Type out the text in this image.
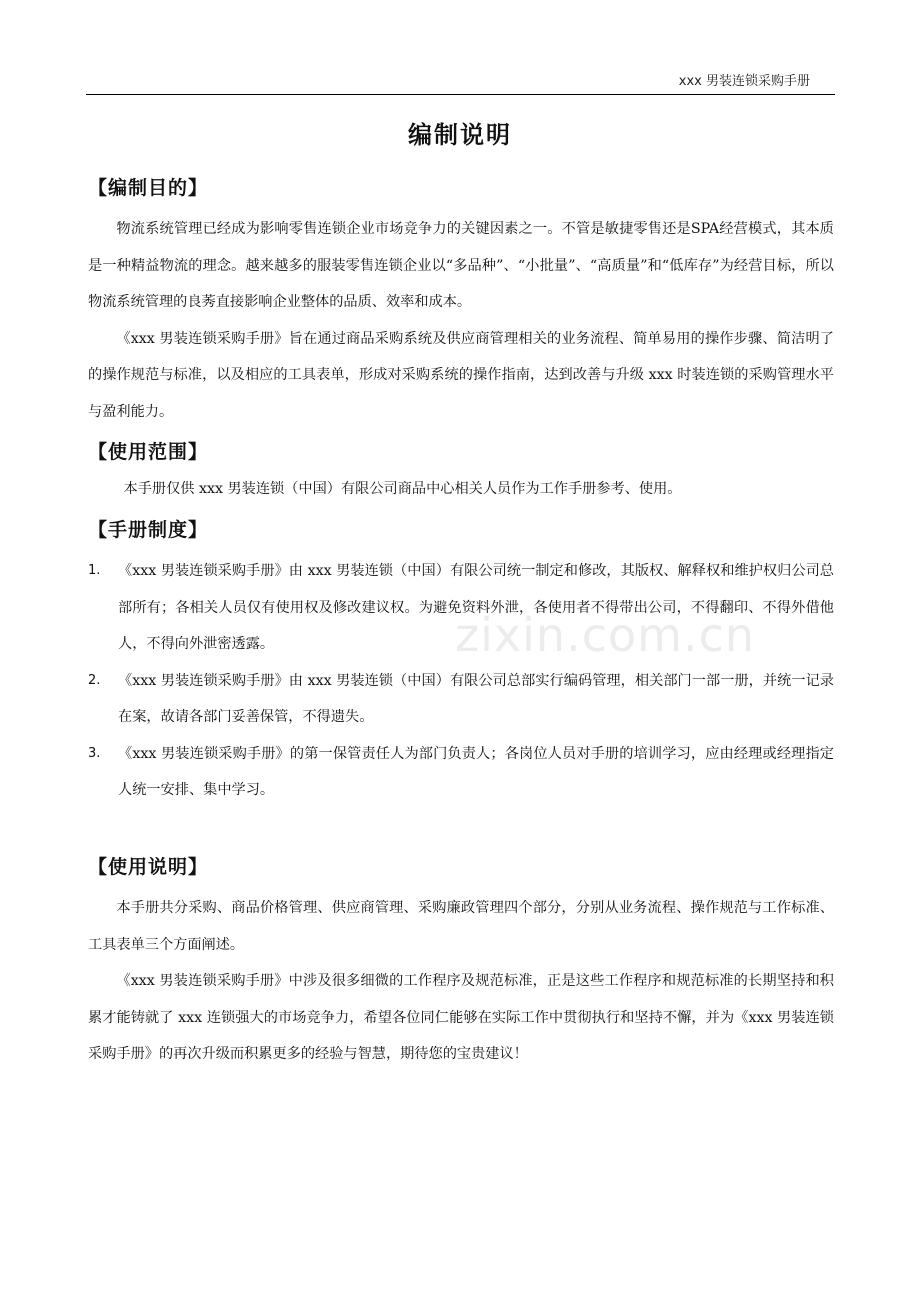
xxx 男装连锁采购手册
编制说明
zixin.com.cn
【编制目的】

物流系统管理已经成为影响零售连锁企业市场竞争力的关键因素之一。不管是敏捷零售还是SPA经营模式，其本质是一种精益物流的理念。越来越多的服装零售连锁企业以“多品种”、“小批量”、“高质量”和“低库存”为经营目标，所以物流系统管理的良莠直接影响企业整体的品质、效率和成本。

《xxx 男装连锁采购手册》旨在通过商品采购系统及供应商管理相关的业务流程、简单易用的操作步骤、简洁明了的操作规范与标准，以及相应的工具表单，形成对采购系统的操作指南，达到改善与升级 xxx 时装连锁的采购管理水平与盈利能力。

【使用范围】

本手册仅供 xxx 男装连锁（中国）有限公司商品中心相关人员作为工作手册参考、使用。

【手册制度】
1. 《xxx 男装连锁采购手册》由 xxx 男装连锁（中国）有限公司统一制定和修改，其版权、解释权和维护权归公司总部所有；各相关人员仅有使用权及修改建议权。为避免资料外泄，各使用者不得带出公司，不得翻印、不得外借他人，不得向外泄密透露。
2. 《xxx 男装连锁采购手册》由 xxx 男装连锁（中国）有限公司总部实行编码管理，相关部门一部一册，并统一记录在案，故请各部门妥善保管，不得遗失。
3. 《xxx 男装连锁采购手册》的第一保管责任人为部门负责人；各岗位人员对手册的培训学习，应由经理或经理指定人统一安排、集中学习。
【使用说明】

本手册共分采购、商品价格管理、供应商管理、采购廉政管理四个部分，分别从业务流程、操作规范与工作标准、工具表单三个方面阐述。

《xxx 男装连锁采购手册》中涉及很多细微的工作程序及规范标准，正是这些工作程序和规范标准的长期坚持和积累才能铸就了 xxx 连锁强大的市场竞争力，希望各位同仁能够在实际工作中贯彻执行和坚持不懈，并为《xxx 男装连锁采购手册》的再次升级而积累更多的经验与智慧，期待您的宝贵建议！
